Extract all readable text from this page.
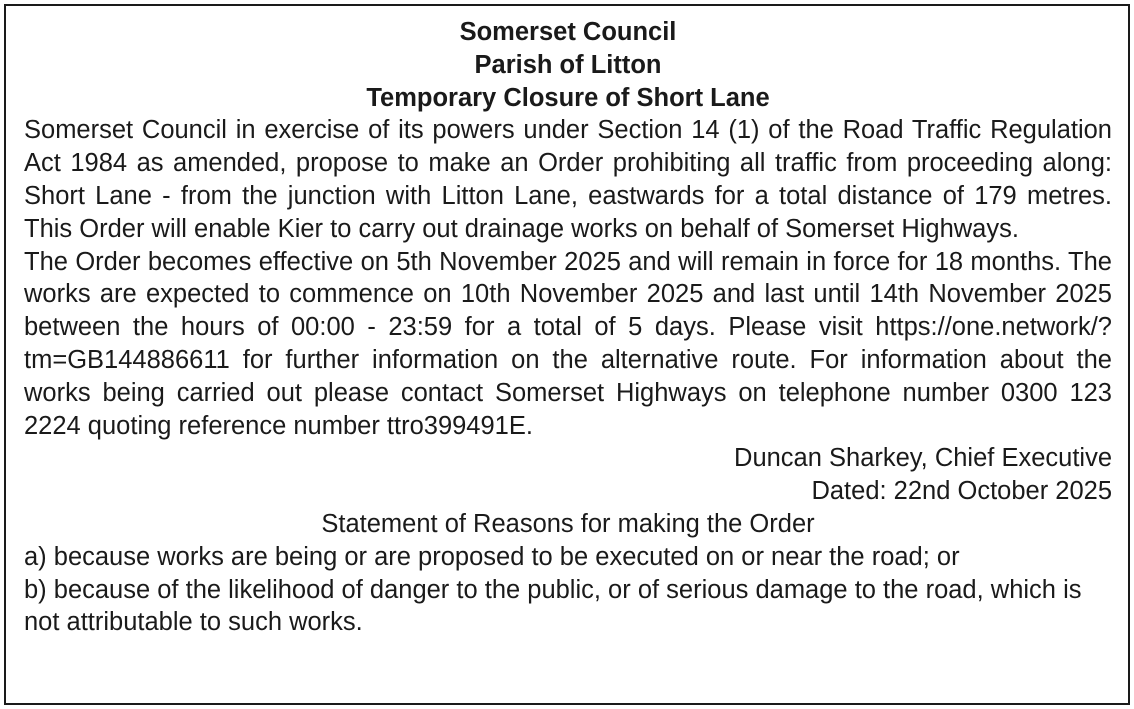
Somerset Council

Parish of Litton

Temporary Closure of Short Lane

Somerset Council in exercise of its powers under Section 14 (1) of the Road Traffic Regulation Act 1984 as amended, propose to make an Order prohibiting all traffic from proceeding along: Short Lane - from the junction with Litton Lane, eastwards for a total distance of 179 metres. This Order will enable Kier to carry out drainage works on behalf of Somerset Highways.

The Order becomes effective on 5th November 2025 and will remain in force for 18 months. The works are expected to commence on 10th November 2025 and last until 14th November 2025 between the hours of 00:00 - 23:59 for a total of 5 days. Please visit https://one.network/?tm=GB144886611 for further information on the alternative route. For information about the works being carried out please contact Somerset Highways on telephone number 0300 123 2224 quoting reference number ttro399491E.

Duncan Sharkey, Chief Executive

Dated: 22nd October 2025

Statement of Reasons for making the Order

a) because works are being or are proposed to be executed on or near the road; or

b) because of the likelihood of danger to the public, or of serious damage to the road, which is not attributable to such works.
